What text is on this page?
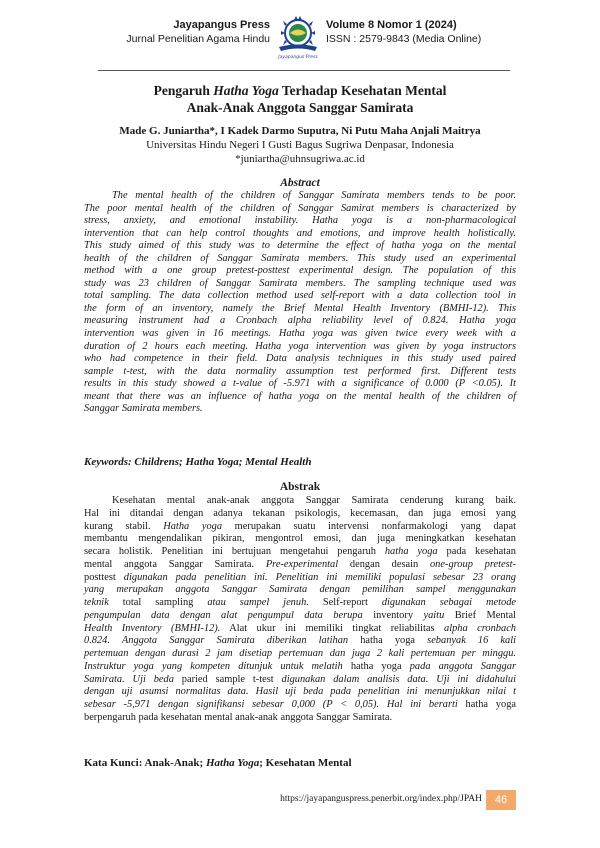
Jayapangus Press
Jurnal Penelitian Agama Hindu
Jayapangus Press
Volume 8 Nomor 1 (2024)
ISSN : 2579-9843 (Media Online)
Pengaruh Hatha Yoga Terhadap Kesehatan Mental
Anak-Anak Anggota Sanggar Samirata
Made G. Juniartha*, I Kadek Darmo Suputra, Ni Putu Maha Anjali Maitrya
Universitas Hindu Negeri I Gusti Bagus Sugriwa Denpasar, Indonesia
*juniartha@uhnsugriwa.ac.id
Abstract
The mental health of the children of Sanggar Samirata members tends to be poor.
The poor mental health of the children of Sanggar Samirat members is characterized by
stress, anxiety, and emotional instability. Hatha yoga is a non-pharmacological
intervention that can help control thoughts and emotions, and improve health holistically.
This study aimed of this study was to determine the effect of hatha yoga on the mental
health of the children of Sanggar Samirata members. This study used an experimental
method with a one group pretest-posttest experimental design. The population of this
study was 23 children of Sanggar Samirata members. The sampling technique used was
total sampling. The data collection method used self-report with a data collection tool in
the form of an inventory, namely the Brief Mental Health Inventory (BMHI-12). This
measuring instrument had a Cronbach alpha reliability level of 0.824. Hatha yoga
intervention was given in 16 meetings. Hatha yoga was given twice every week with a
duration of 2 hours each meeting. Hatha yoga intervention was given by yoga instructors
who had competence in their field. Data analysis techniques in this study used paired
sample t-test, with the data normality assumption test performed first. Different tests
results in this study showed a t-value of -5.971 with a significance of 0.000 (P <0.05). It
meant that there was an influence of hatha yoga on the mental health of the children of
Sanggar Samirata members.
Keywords: Childrens; Hatha Yoga; Mental Health
Abstrak
Kesehatan mental anak-anak anggota Sanggar Samirata cenderung kurang baik.
Hal ini ditandai dengan adanya tekanan psikologis, kecemasan, dan juga emosi yang
kurang stabil. Hatha yoga merupakan suatu intervensi nonfarmakologi yang dapat
membantu mengendalikan pikiran, mengontrol emosi, dan juga meningkatkan kesehatan
secara holistik. Penelitian ini bertujuan mengetahui pengaruh hatha yoga pada kesehatan
mental anggota Sanggar Samirata. Pre-experimental dengan desain one-group pretest-
posttest digunakan pada penelitian ini. Penelitian ini memiliki populasi sebesar 23 orang
yang merupakan anggota Sanggar Samirata dengan pemilihan sampel menggunakan
teknik total sampling atau sampel jenuh. Self-report digunakan sebagai metode
pengumpulan data dengan alat pengumpul data berupa inventory yaitu Brief Mental
Health Inventory (BMHI-12). Alat ukur ini memiliki tingkat reliabilitas alpha cronbach
0.824. Anggota Sanggar Samirata diberikan latihan hatha yoga sebanyak 16 kali
pertemuan dengan durasi 2 jam disetiap pertemuan dan juga 2 kali pertemuan per minggu.
Instruktur yoga yang kompeten ditunjuk untuk melatih hatha yoga pada anggota Sanggar
Samirata. Uji beda paried sample t-test digunakan dalam analisis data. Uji ini didahului
dengan uji asumsi normalitas data. Hasil uji beda pada penelitian ini menunjukkan nilai t
sebesar -5,971 dengan signifikansi sebesar 0,000 (P < 0,05). Hal ini berarti hatha yoga
berpengaruh pada kesehatan mental anak-anak anggota Sanggar Samirata.
Kata Kunci: Anak-Anak; Hatha Yoga; Kesehatan Mental
https://jayapanguspress.penerbit.org/index.php/JPAH	46
